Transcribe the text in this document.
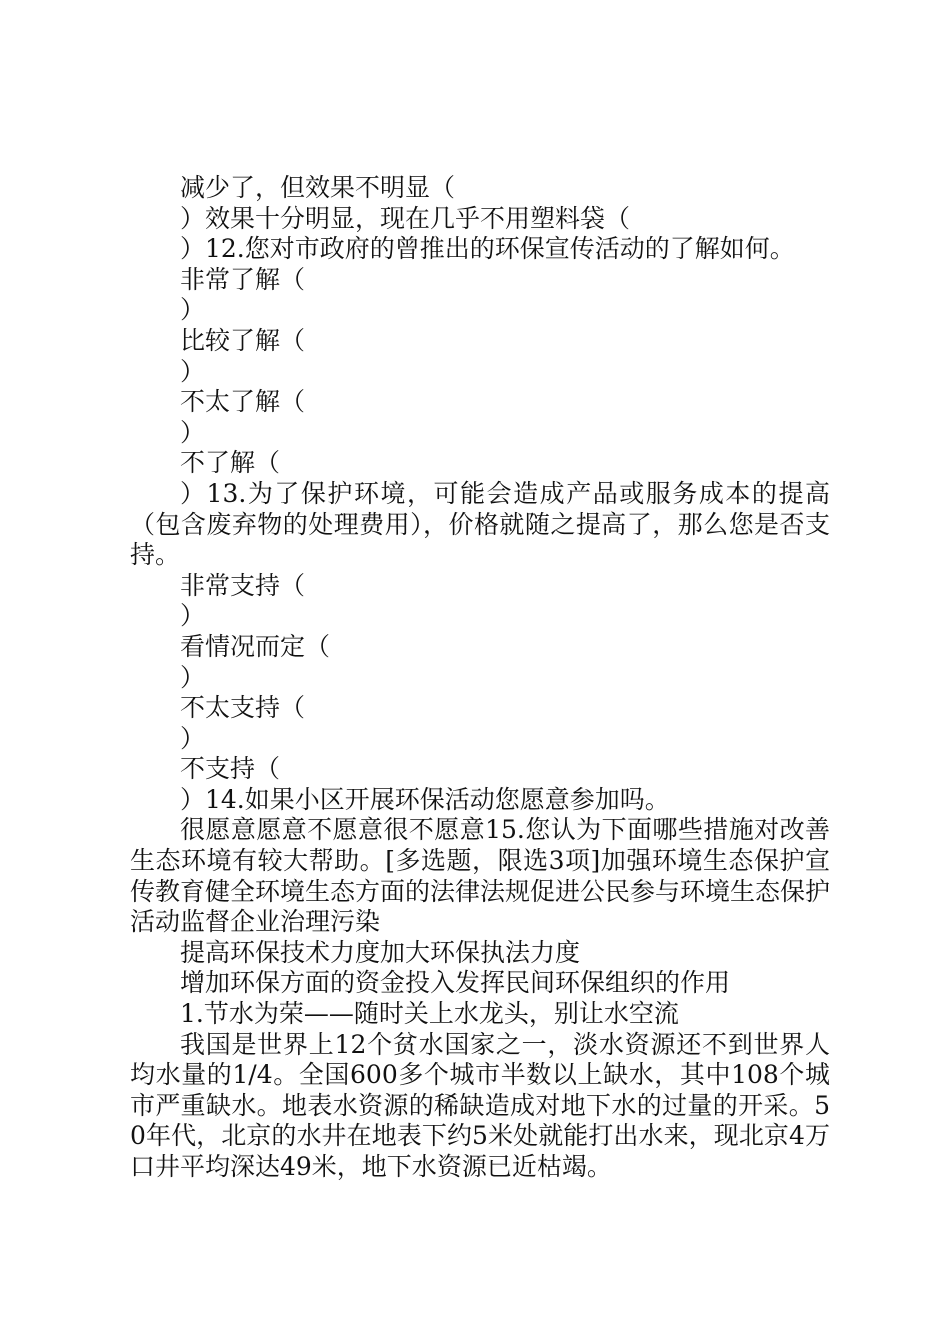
减少了，但效果不明显（

）效果十分明显，现在几乎不用塑料袋（

）12.您对市政府的曾推出的环保宣传活动的了解如何。

非常了解（

）

比较了解（

）

不太了解（

）

不了解（

）13.为了保护环境，可能会造成产品或服务成本的提高（包含废弃物的处理费用），价格就随之提高了，那么您是否支持。

非常支持（

）

看情况而定（

）

不太支持（

）

不支持（

）14.如果小区开展环保活动您愿意参加吗。

很愿意愿意不愿意很不愿意15.您认为下面哪些措施对改善生态环境有较大帮助。[多选题，限选3项]加强环境生态保护宣传教育健全环境生态方面的法律法规促进公民参与环境生态保护活动监督企业治理污染

提高环保技术力度加大环保执法力度

增加环保方面的资金投入发挥民间环保组织的作用

1.节水为荣——随时关上水龙头，别让水空流

我国是世界上12个贫水国家之一，淡水资源还不到世界人均水量的1/4。全国600多个城市半数以上缺水，其中108个城市严重缺水。地表水资源的稀缺造成对地下水的过量的开采。50年代，北京的水井在地表下约5米处就能打出水来，现北京4万口井平均深达49米，地下水资源已近枯竭。
